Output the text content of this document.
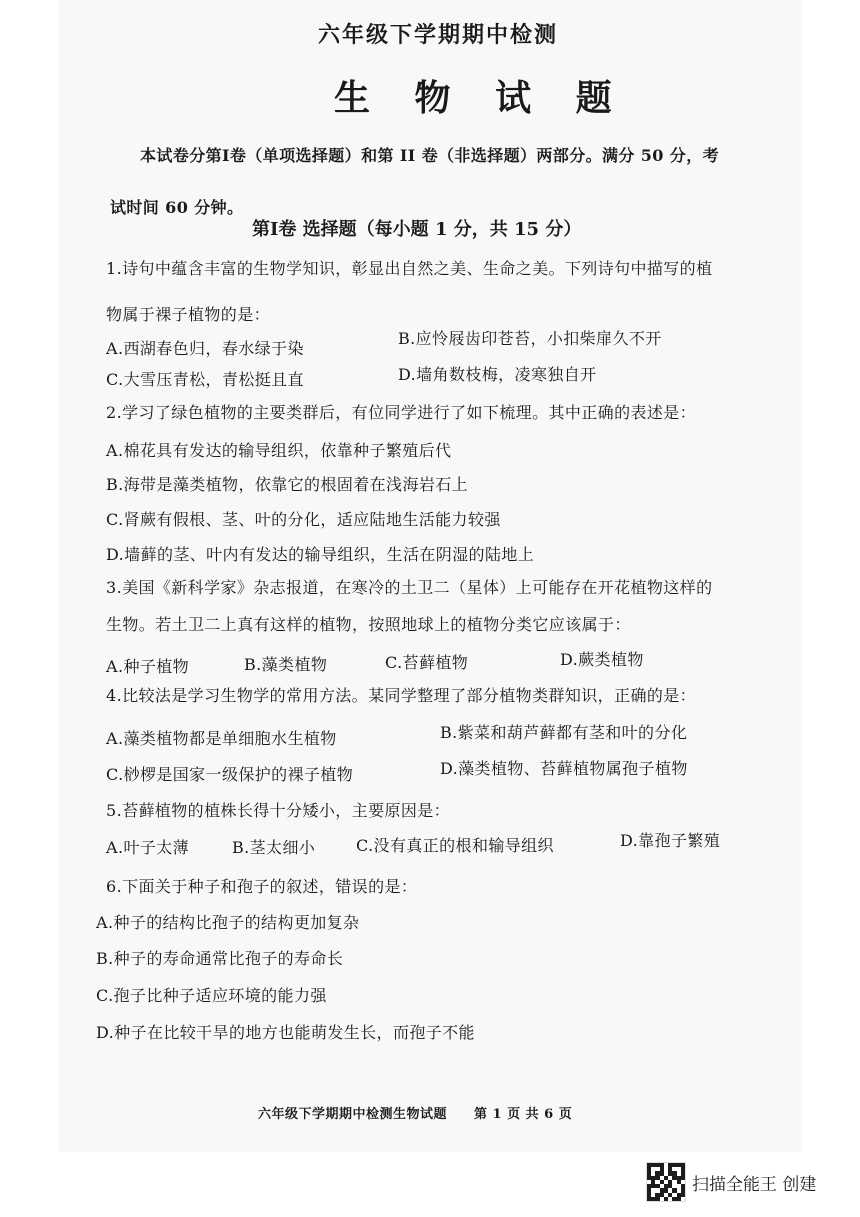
六年级下学期期中检测
生 物 试 题
本试卷分第Ⅰ卷（单项选择题）和第 II 卷（非选择题）两部分。满分 50 分，考
试时间 60 分钟。
第Ⅰ卷 选择题（每小题 1 分，共 15 分）
1.诗句中蕴含丰富的生物学知识，彰显出自然之美、生命之美。下列诗句中描写的植
物属于裸子植物的是：
A.西湖春色归，春水绿于染
B.应怜屐齿印苍苔，小扣柴扉久不开
C.大雪压青松，青松挺且直	D.墙角数枝梅，凌寒独自开
2.学习了绿色植物的主要类群后，有位同学进行了如下梳理。其中正确的表述是：
A.棉花具有发达的输导组织，依靠种子繁殖后代
B.海带是藻类植物，依靠它的根固着在浅海岩石上
C.肾蕨有假根、茎、叶的分化，适应陆地生活能力较强
D.墙藓的茎、叶内有发达的输导组织，生活在阴湿的陆地上
3.美国《新科学家》杂志报道，在寒冷的土卫二（星体）上可能存在开花植物这样的
生物。若土卫二上真有这样的植物，按照地球上的植物分类它应该属于：
A.种子植物	B.藻类植物	C.苔藓植物	D.蕨类植物
4.比较法是学习生物学的常用方法。某同学整理了部分植物类群知识，正确的是：
A.藻类植物都是单细胞水生植物	B.紫菜和葫芦藓都有茎和叶的分化
C.桫椤是国家一级保护的裸子植物	D.藻类植物、苔藓植物属孢子植物
5.苔藓植物的植株长得十分矮小，主要原因是：
A.叶子太薄	B.茎太细小	C.没有真正的根和输导组织	D.靠孢子繁殖
6.下面关于种子和孢子的叙述，错误的是：
A.种子的结构比孢子的结构更加复杂
B.种子的寿命通常比孢子的寿命长
C.孢子比种子适应环境的能力强
D.种子在比较干旱的地方也能萌发生长，而孢子不能
六年级下学期期中检测生物试题　　第 1 页 共 6 页
扫描全能王 创建
